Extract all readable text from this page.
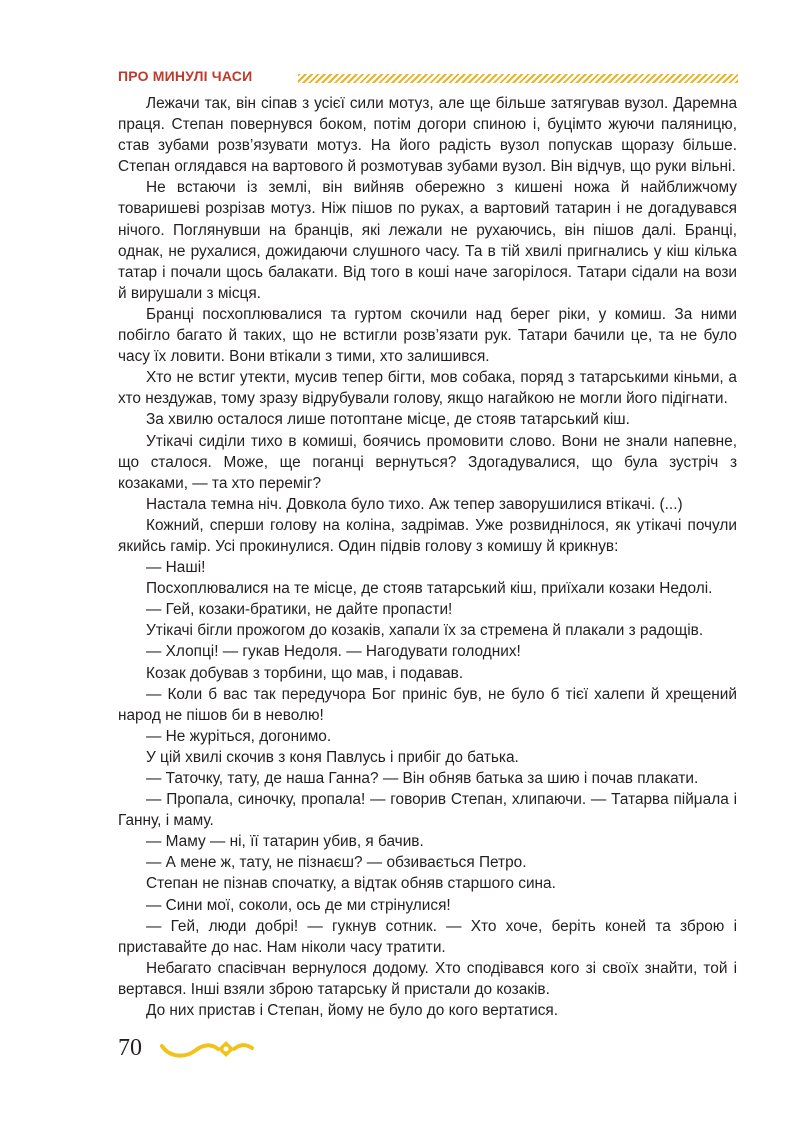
ПРО МИНУЛІ ЧАСИ

Лежачи так, він сіпав з усієї сили мотуз, але ще більше затягував вузол. Даремна праця. Степан повернувся боком, потім догори спиною і, буцімто жуючи паляницю, став зубами розв’язувати мотуз. На його радість вузол попускав щоразу більше. Степан оглядався на вартового й розмотував зубами вузол. Він відчув, що руки вільні.

Не встаючи із землі, він вийняв обережно з кишені ножа й найближчому товаришеві розрізав мотуз. Ніж пішов по руках, а вартовий татарин і не догадувався нічого. Поглянувши на бранців, які лежали не рухаючись, він пішов далі. Бранці, однак, не рухалися, дожидаючи слушного часу. Та в тій хвилі пригнались у кіш кілька татар і почали щось балакати. Від того в коші наче загорілося. Татари сідали на вози й вирушали з місця.

Бранці посхоплювалися та гуртом скочили над берег ріки, у комиш. За ними побігло багато й таких, що не встигли розв’язати рук. Татари бачили це, та не було часу їх ловити. Вони втікали з тими, хто залишився.

Хто не встиг утекти, мусив тепер бігти, мов собака, поряд з татарськими кіньми, а хто нездужав, тому зразу відрубували голову, якщо нагайкою не могли його підігнати.

За хвилю осталося лише потоптане місце, де стояв татарський кіш.

Утікачі сиділи тихо в комиші, боячись промовити слово. Вони не знали напевне, що сталося. Може, ще поганці вернуться? Здогадувалися, що була зустріч з козаками, — та хто переміг?

Настала темна ніч. Довкола було тихо. Аж тепер заворушилися втікачі. (...)

Кожний, сперши голову на коліна, задрімав. Уже розвиднілося, як утікачі почули якийсь гамір. Усі прокинулися. Один підвів голову з комишу й крикнув:

— Наші!

Посхоплювалися на те місце, де стояв татарський кіш, приїхали козаки Недолі.

— Гей, козаки-братики, не дайте пропасти!

Утікачі бігли прожогом до козаків, хапали їх за стремена й плакали з радощів.

— Хлопці! — гукав Недоля. — Нагодувати голодних!

Козак добував з торбини, що мав, і подавав.

— Коли б вас так передучора Бог приніс був, не було б тієї халепи й хрещений народ не пішов би в неволю!

— Не журіться, догонимо.

У цій хвилі скочив з коня Павлусь і прибіг до батька.

— Таточку, тату, де наша Ганна? — Він обняв батька за шию і почав плакати.

— Пропала, синочку, пропала! — говорив Степан, хлипаючи. — Татарва пійμала і Ганну, і маму.

— Маму — ні, її татарин убив, я бачив.

— А мене ж, тату, не пізнаєш? — обзивається Петро.

Степан не пізнав спочатку, а відтак обняв старшого сина.

— Сини мої, соколи, ось де ми стрінулися!

— Гей, люди добрі! — гукнув сотник. — Хто хоче, беріть коней та зброю і приставайте до нас. Нам ніколи часу тратити.

Небагато спасівчан вернулося додому. Хто сподівався кого зі своїх знайти, той і вертався. Інші взяли зброю татарську й пристали до козаків.

До них пристав і Степан, йому не було до кого вертатися.

70
